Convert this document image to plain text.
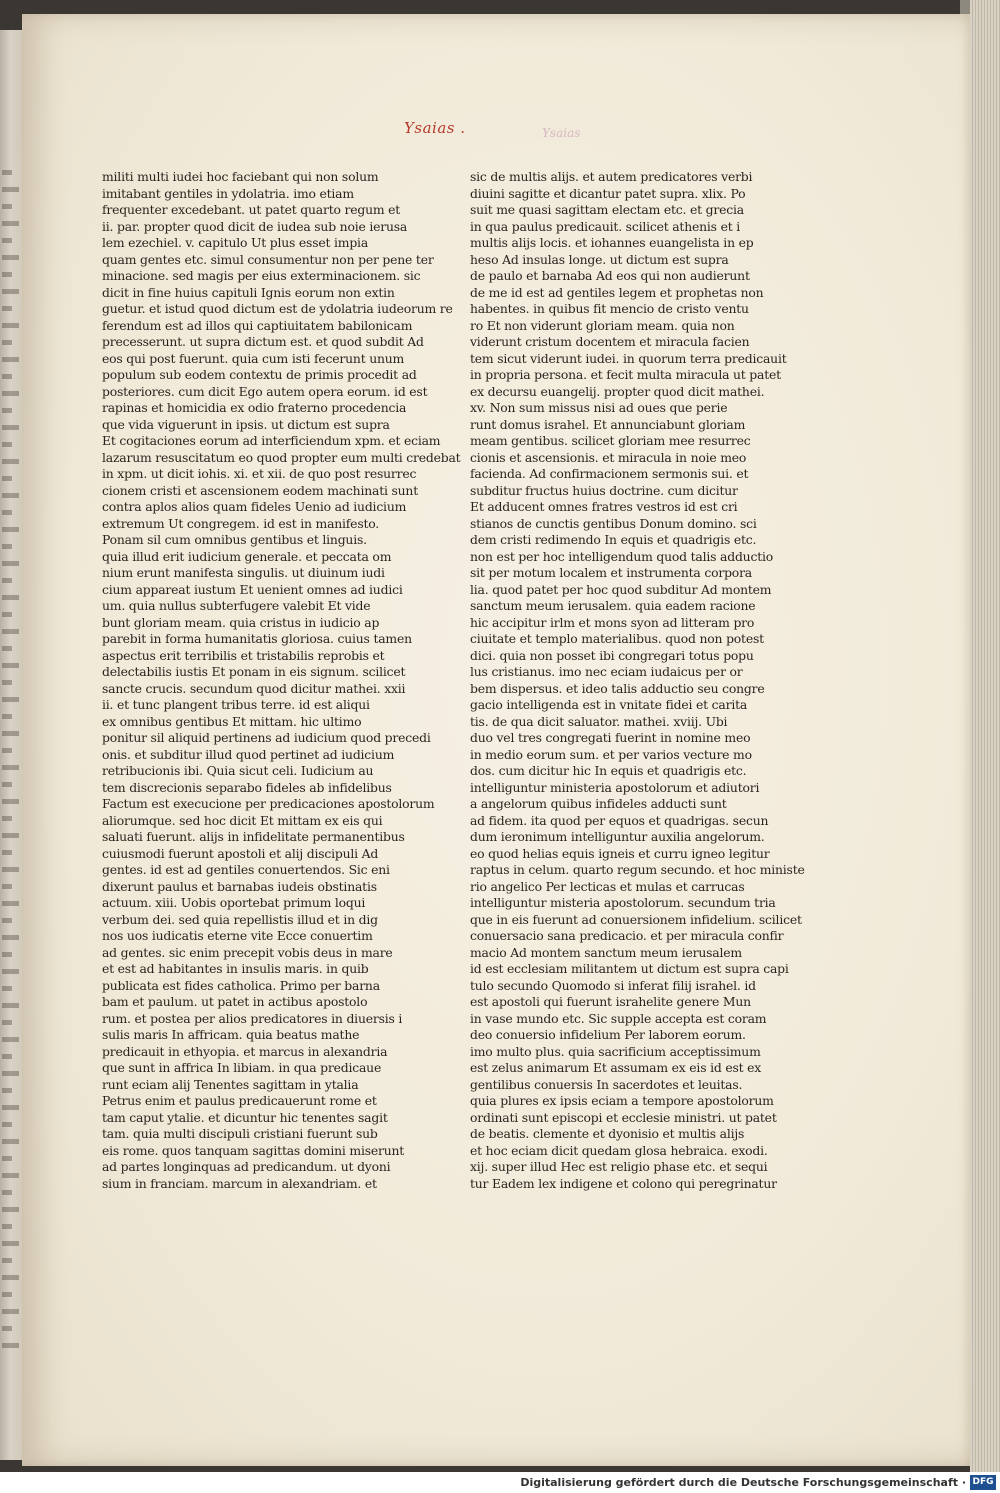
Ysaias .	Ysaias
militi multi iudei hoc faciebant qui non solum
imitabant gentiles in ydolatria. imo etiam
frequenter excedebant. ut patet quarto regum et
ii. par. propter quod dicit de iudea sub noie ierusa
lem ezechiel. v. capitulo Ut plus esset impia
quam gentes etc. simul consumentur non per pene ter
minacione. sed magis per eius exterminacionem. sic
dicit in fine huius capituli Ignis eorum non extin
guetur. et istud quod dictum est de ydolatria iudeorum re
ferendum est ad illos qui captiuitatem babilonicam
precesserunt. ut supra dictum est. et quod subdit Ad
eos qui post fuerunt. quia cum isti fecerunt unum
populum sub eodem contextu de primis procedit ad
posteriores. cum dicit Ego autem opera eorum. id est
rapinas et homicidia ex odio fraterno procedencia
que vida viguerunt in ipsis. ut dictum est supra
Et cogitaciones eorum ad interficiendum xpm. et eciam
lazarum resuscitatum eo quod propter eum multi credebat
in xpm. ut dicit iohis. xi. et xii. de quo post resurrec
cionem cristi et ascensionem eodem machinati sunt
contra aplos alios quam fideles Uenio ad iudicium
extremum Ut congregem. id est in manifesto.
Ponam sil cum omnibus gentibus et linguis.
quia illud erit iudicium generale. et peccata om
nium erunt manifesta singulis. ut diuinum iudi
cium appareat iustum Et uenient omnes ad iudici
um. quia nullus subterfugere valebit Et vide
bunt gloriam meam. quia cristus in iudicio ap
parebit in forma humanitatis gloriosa. cuius tamen
aspectus erit terribilis et tristabilis reprobis et
delectabilis iustis Et ponam in eis signum. scilicet
sancte crucis. secundum quod dicitur mathei. xxii
ii. et tunc plangent tribus terre. id est aliqui
ex omnibus gentibus Et mittam. hic ultimo
ponitur sil aliquid pertinens ad iudicium quod precedi
onis. et subditur illud quod pertinet ad iudicium
retribucionis ibi. Quia sicut celi. Iudicium au
tem discrecionis separabo fideles ab infidelibus
Factum est execucione per predicaciones apostolorum
aliorumque. sed hoc dicit Et mittam ex eis qui
saluati fuerunt. alijs in infidelitate permanentibus
cuiusmodi fuerunt apostoli et alij discipuli Ad
gentes. id est ad gentiles conuertendos. Sic eni
dixerunt paulus et barnabas iudeis obstinatis
actuum. xiii. Uobis oportebat primum loqui
verbum dei. sed quia repellistis illud et in dig
nos uos iudicatis eterne vite Ecce conuertim
ad gentes. sic enim precepit vobis deus in mare
et est ad habitantes in insulis maris. in quib
publicata est fides catholica. Primo per barna
bam et paulum. ut patet in actibus apostolo
rum. et postea per alios predicatores in diuersis i
sulis maris In affricam. quia beatus mathe
predicauit in ethyopia. et marcus in alexandria
que sunt in affrica In libiam. in qua predicaue
runt eciam alij Tenentes sagittam in ytalia
Petrus enim et paulus predicauerunt rome et
tam caput ytalie. et dicuntur hic tenentes sagit
tam. quia multi discipuli cristiani fuerunt sub
eis rome. quos tanquam sagittas domini miserunt
ad partes longinquas ad predicandum. ut dyoni
sium in franciam. marcum in alexandriam. et
sic de multis alijs. et autem predicatores verbi
diuini sagitte et dicantur patet supra. xlix. Po
suit me quasi sagittam electam etc. et grecia
in qua paulus predicauit. scilicet athenis et i
multis alijs locis. et iohannes euangelista in ep
heso Ad insulas longe. ut dictum est supra
de paulo et barnaba Ad eos qui non audierunt
de me id est ad gentiles legem et prophetas non
habentes. in quibus fit mencio de cristo ventu
ro Et non viderunt gloriam meam. quia non
viderunt cristum docentem et miracula facien
tem sicut viderunt iudei. in quorum terra predicauit
in propria persona. et fecit multa miracula ut patet
ex decursu euangelij. propter quod dicit mathei.
xv. Non sum missus nisi ad oues que perie
runt domus israhel. Et annunciabunt gloriam
meam gentibus. scilicet gloriam mee resurrec
cionis et ascensionis. et miracula in noie meo
facienda. Ad confirmacionem sermonis sui. et
subditur fructus huius doctrine. cum dicitur
Et adducent omnes fratres vestros id est cri
stianos de cunctis gentibus Donum domino. sci
dem cristi redimendo In equis et quadrigis etc.
non est per hoc intelligendum quod talis adductio
sit per motum localem et instrumenta corpora
lia. quod patet per hoc quod subditur Ad montem
sanctum meum ierusalem. quia eadem racione
hic accipitur irlm et mons syon ad litteram pro
ciuitate et templo materialibus. quod non potest
dici. quia non posset ibi congregari totus popu
lus cristianus. imo nec eciam iudaicus per or
bem dispersus. et ideo talis adductio seu congre
gacio intelligenda est in vnitate fidei et carita
tis. de qua dicit saluator. mathei. xviij. Ubi
duo vel tres congregati fuerint in nomine meo
in medio eorum sum. et per varios vecture mo
dos. cum dicitur hic In equis et quadrigis etc.
intelliguntur ministeria apostolorum et adiutori
a angelorum quibus infideles adducti sunt
ad fidem. ita quod per equos et quadrigas. secun
dum ieronimum intelliguntur auxilia angelorum.
eo quod helias equis igneis et curru igneo legitur
raptus in celum. quarto regum secundo. et hoc ministe
rio angelico Per lecticas et mulas et carrucas
intelliguntur misteria apostolorum. secundum tria
que in eis fuerunt ad conuersionem infidelium. scilicet
conuersacio sana predicacio. et per miracula confir
macio Ad montem sanctum meum ierusalem
id est ecclesiam militantem ut dictum est supra capi
tulo secundo Quomodo si inferat filij israhel. id
est apostoli qui fuerunt israhelite genere Mun
in vase mundo etc. Sic supple accepta est coram
deo conuersio infidelium Per laborem eorum.
imo multo plus. quia sacrificium acceptissimum
est zelus animarum Et assumam ex eis id est ex
gentilibus conuersis In sacerdotes et leuitas.
quia plures ex ipsis eciam a tempore apostolorum
ordinati sunt episcopi et ecclesie ministri. ut patet
de beatis. clemente et dyonisio et multis alijs
et hoc eciam dicit quedam glosa hebraica. exodi.
xij. super illud Hec est religio phase etc. et sequi
tur Eadem lex indigene et colono qui peregrinatur
Digitalisierung gefördert durch die Deutsche Forschungsgemeinschaft · DFG
